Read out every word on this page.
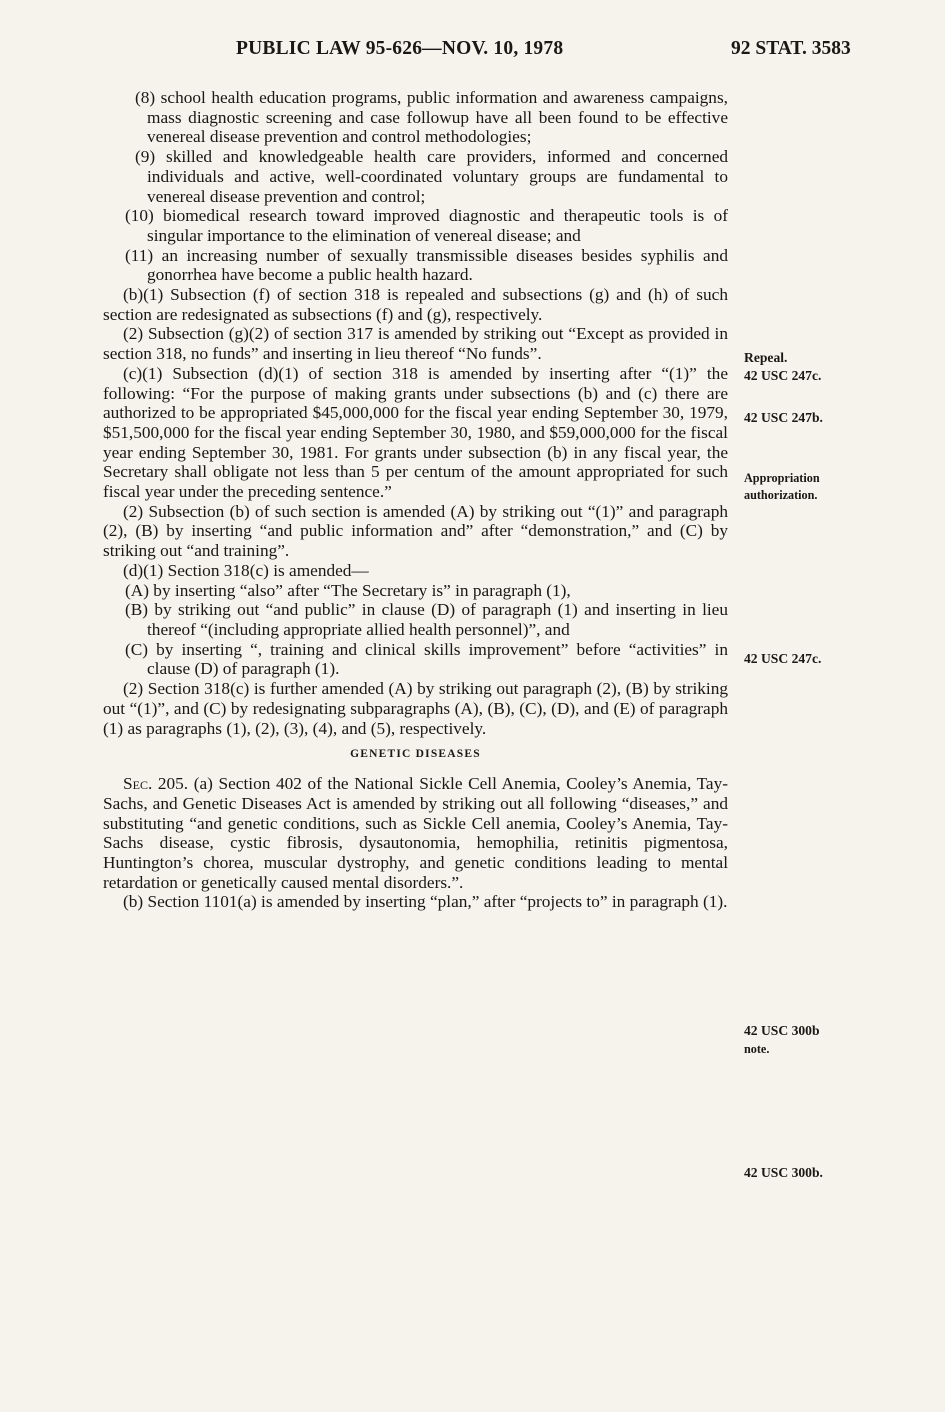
PUBLIC LAW 95-626—NOV. 10, 1978	92 STAT. 3583

(8) school health education programs, public information and awareness campaigns, mass diagnostic screening and case followup have all been found to be effective venereal disease prevention and control methodologies;

(9) skilled and knowledgeable health care providers, informed and concerned individuals and active, well-coordinated voluntary groups are fundamental to venereal disease prevention and control;

(10) biomedical research toward improved diagnostic and therapeutic tools is of singular importance to the elimination of venereal disease; and

(11) an increasing number of sexually transmissible diseases besides syphilis and gonorrhea have become a public health hazard.

(b)(1) Subsection (f) of section 318 is repealed and subsections (g) and (h) of such section are redesignated as subsections (f) and (g), respectively.

(2) Subsection (g)(2) of section 317 is amended by striking out “Except as provided in section 318, no funds” and inserting in lieu thereof “No funds”.

(c)(1) Subsection (d)(1) of section 318 is amended by inserting after “(1)” the following: “For the purpose of making grants under subsections (b) and (c) there are authorized to be appropriated $45,000,000 for the fiscal year ending September 30, 1979, $51,500,000 for the fiscal year ending September 30, 1980, and $59,000,000 for the fiscal year ending September 30, 1981. For grants under subsection (b) in any fiscal year, the Secretary shall obligate not less than 5 per centum of the amount appropriated for such fiscal year under the preceding sentence.”

(2) Subsection (b) of such section is amended (A) by striking out “(1)” and paragraph (2), (B) by inserting “and public information and” after “demonstration,” and (C) by striking out “and training”.

(d)(1) Section 318(c) is amended—

(A) by inserting “also” after “The Secretary is” in paragraph (1),

(B) by striking out “and public” in clause (D) of paragraph (1) and inserting in lieu thereof “(including appropriate allied health personnel)”, and

(C) by inserting “, training and clinical skills improvement” before “activities” in clause (D) of paragraph (1).

(2) Section 318(c) is further amended (A) by striking out paragraph (2), (B) by striking out “(1)”, and (C) by redesignating subparagraphs (A), (B), (C), (D), and (E) of paragraph (1) as paragraphs (1), (2), (3), (4), and (5), respectively.

GENETIC DISEASES

Sec. 205. (a) Section 402 of the National Sickle Cell Anemia, Cooley’s Anemia, Tay-Sachs, and Genetic Diseases Act is amended by striking out all following “diseases,” and substituting “and genetic conditions, such as Sickle Cell anemia, Cooley’s Anemia, Tay-Sachs disease, cystic fibrosis, dysautonomia, hemophilia, retinitis pigmentosa, Huntington’s chorea, muscular dystrophy, and genetic conditions leading to mental retardation or genetically caused mental disorders.”.

(b) Section 1101(a) is amended by inserting “plan,” after “projects to” in paragraph (1).

Repeal.
42 USC 247c.
42 USC 247b.
Appropriation
authorization.
42 USC 247c.
42 USC 300b
note.
42 USC 300b.
